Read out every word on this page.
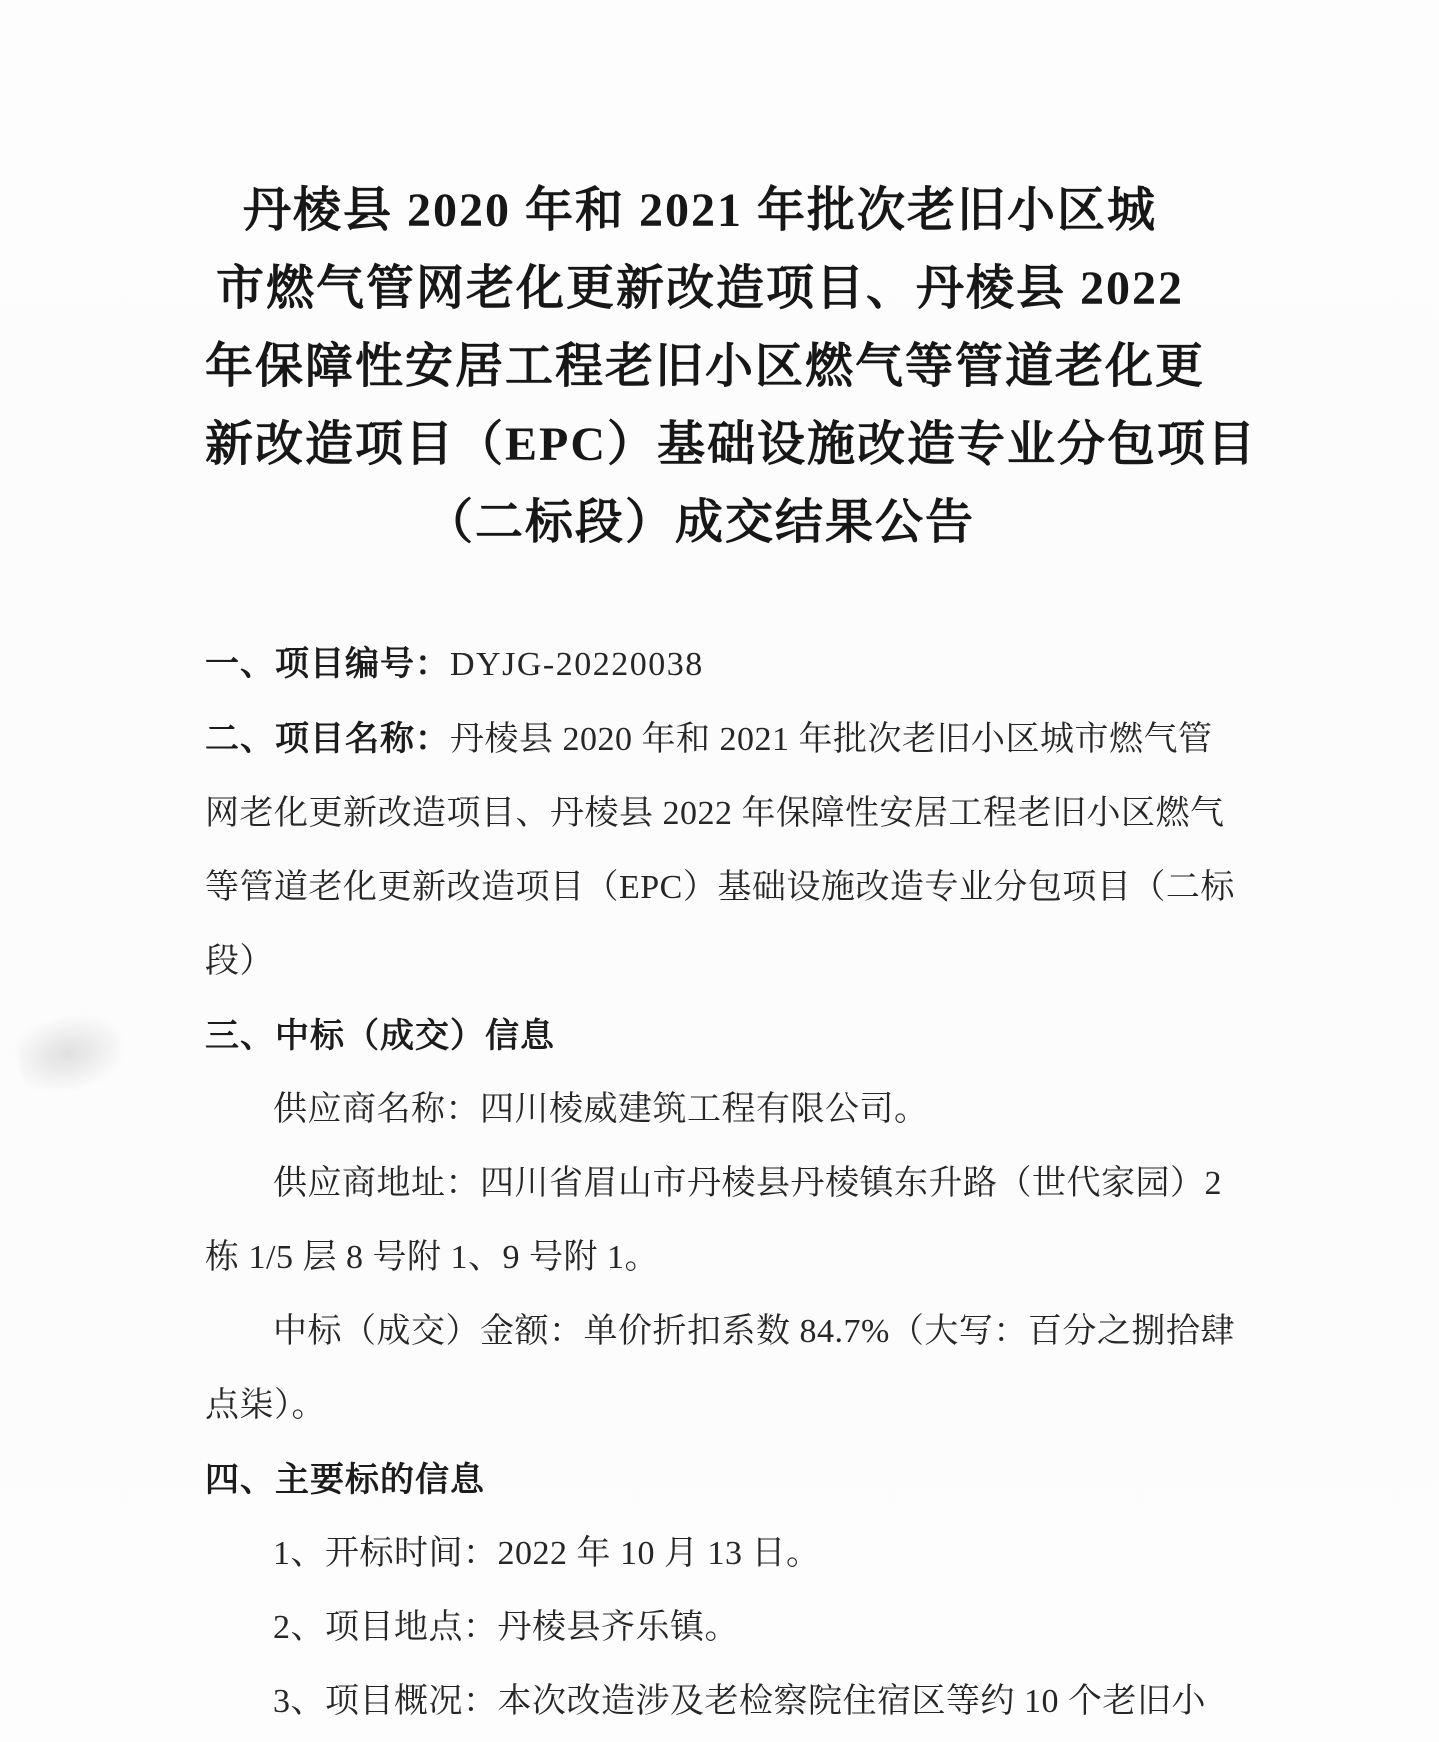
丹棱县 2020 年和 2021 年批次老旧小区城
市燃气管网老化更新改造项目、丹棱县 2022
年保障性安居工程老旧小区燃气等管道老化更
新改造项目（EPC）基础设施改造专业分包项目
（二标段）成交结果公告
一、项目编号：DYJG-20220038
二、项目名称：丹棱县 2020 年和 2021 年批次老旧小区城市燃气管
网老化更新改造项目、丹棱县 2022 年保障性安居工程老旧小区燃气
等管道老化更新改造项目（EPC）基础设施改造专业分包项目（二标
段）
三、中标（成交）信息
供应商名称：四川棱威建筑工程有限公司。
供应商地址：四川省眉山市丹棱县丹棱镇东升路（世代家园）2
栋 1/5 层 8 号附 1、9 号附 1。
中标（成交）金额：单价折扣系数 84.7%（大写：百分之捌拾肆
点柒）。
四、主要标的信息
1、开标时间：2022 年 10 月 13 日。
2、项目地点：丹棱县齐乐镇。
3、项目概况：本次改造涉及老检察院住宿区等约 10 个老旧小
